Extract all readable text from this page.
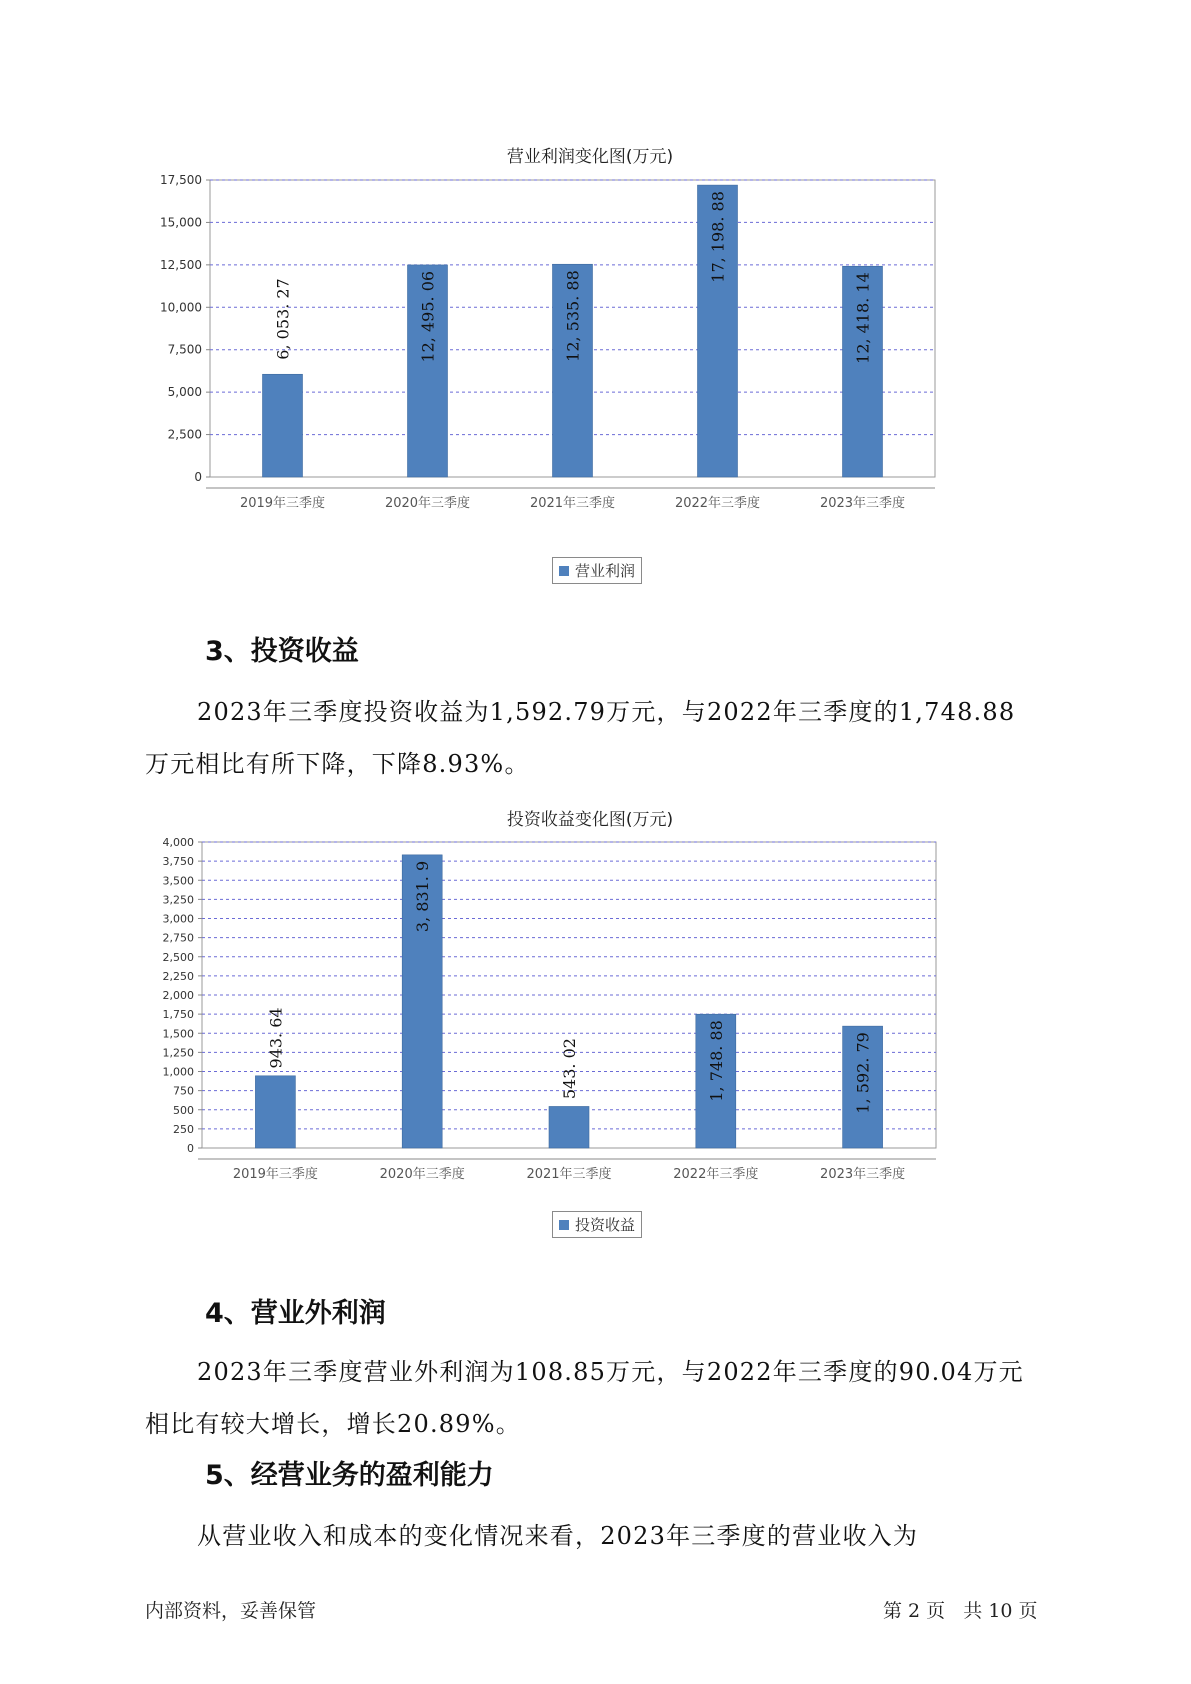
营业利润变化图(万元)
0
2,500
5,000
7,500
10,000
12,500
15,000
17,500
6, 053. 27
2019年三季度
12, 495. 06
2020年三季度
12, 535. 88
2021年三季度
17, 198. 88
2022年三季度
12, 418. 14
2023年三季度
营业利润
3、投资收益
2023年三季度投资收益为1,592.79万元，与2022年三季度的1,748.88
万元相比有所下降，下降8.93%。
投资收益变化图(万元)
0
250
500
750
1,000
1,250
1,500
1,750
2,000
2,250
2,500
2,750
3,000
3,250
3,500
3,750
4,000
943. 64
2019年三季度
3, 831. 9
2020年三季度
543. 02
2021年三季度
1, 748. 88
2022年三季度
1, 592. 79
2023年三季度
投资收益
4、营业外利润
2023年三季度营业外利润为108.85万元，与2022年三季度的90.04万元
相比有较大增长，增长20.89%。
5、经营业务的盈利能力
从营业收入和成本的变化情况来看，2023年三季度的营业收入为
内部资料，妥善保管	第 2 页   共 10 页
